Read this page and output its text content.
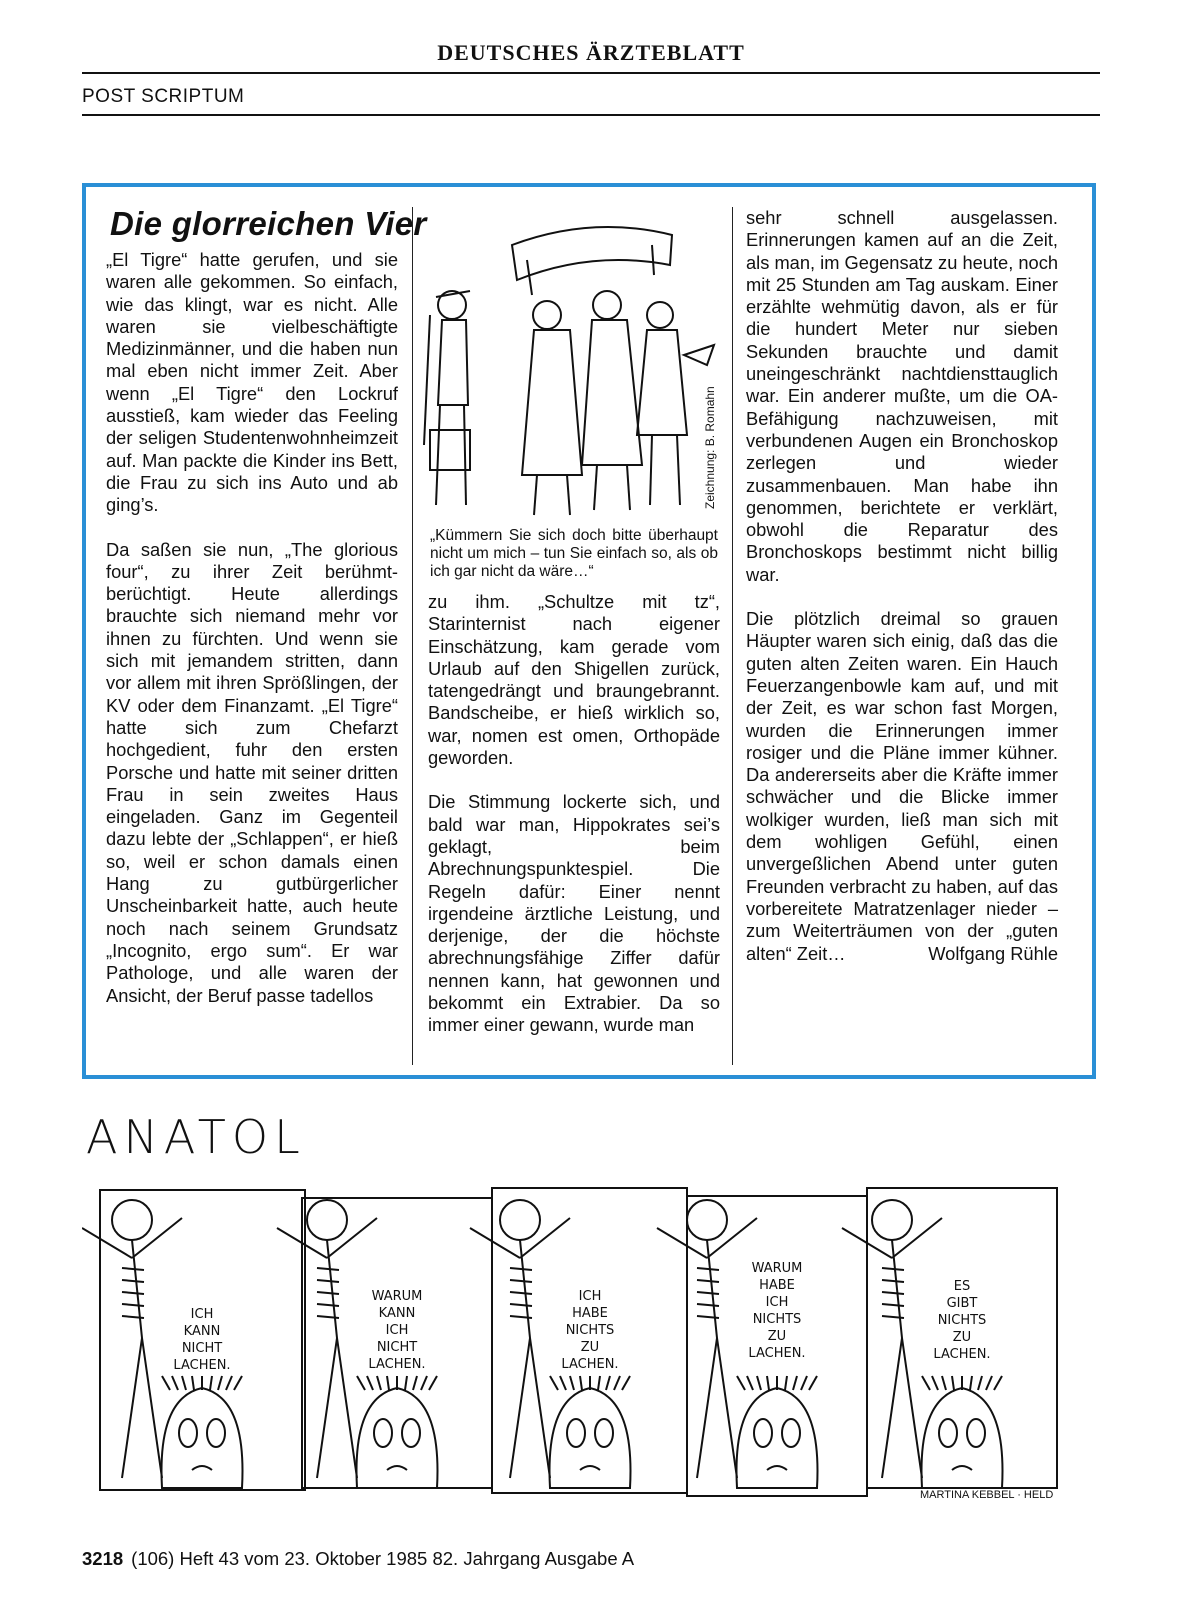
DEUTSCHES ÄRZTEBLATT
POST SCRIPTUM
Die glorreichen Vier

„El Tigre“ hatte gerufen, und sie waren alle gekommen. So einfach, wie das klingt, war es nicht. Alle waren sie vielbeschäftigte Medizinmänner, und die haben nun mal eben nicht immer Zeit. Aber wenn „El Tigre“ den Lockruf ausstieß, kam wieder das Feeling der seligen Studentenwohnheimzeit auf. Man packte die Kinder ins Bett, die Frau zu sich ins Auto und ab ging’s.

Da saßen sie nun, „The glorious four“, zu ihrer Zeit berühmt-berüchtigt. Heute allerdings brauchte sich niemand mehr vor ihnen zu fürchten. Und wenn sie sich mit jemandem stritten, dann vor allem mit ihren Sprößlingen, der KV oder dem Finanzamt. „El Tigre“ hatte sich zum Chefarzt hochgedient, fuhr den ersten Porsche und hatte mit seiner dritten Frau in sein zweites Haus eingeladen. Ganz im Gegenteil dazu lebte der „Schlappen“, er hieß so, weil er schon damals einen Hang zu gutbürgerlicher Unscheinbarkeit hatte, auch heute noch nach seinem Grundsatz „Incognito, ergo sum“. Er war Pathologe, und alle waren der Ansicht, der Beruf passe tadellos

Zeichnung: B. Romahn
„Kümmern Sie sich doch bitte überhaupt nicht um mich – tun Sie einfach so, als ob ich gar nicht da wäre…“

zu ihm. „Schultze mit tz“, Starinternist nach eigener Einschätzung, kam gerade vom Urlaub auf den Shigellen zurück, tatengedrängt und braungebrannt. Bandscheibe, er hieß wirklich so, war, nomen est omen, Orthopäde geworden.

Die Stimmung lockerte sich, und bald war man, Hippokrates sei’s geklagt, beim Abrechnungspunktespiel. Die Regeln dafür: Einer nennt irgendeine ärztliche Leistung, und derjenige, der die höchste abrechnungsfähige Ziffer dafür nennen kann, hat gewonnen und bekommt ein Extrabier. Da so immer einer gewann, wurde man

sehr schnell ausgelassen. Erinnerungen kamen auf an die Zeit, als man, im Gegensatz zu heute, noch mit 25 Stunden am Tag auskam. Einer erzählte wehmütig davon, als er für die hundert Meter nur sieben Sekunden brauchte und damit uneingeschränkt nachtdiensttauglich war. Ein anderer mußte, um die OA-Befähigung nachzuweisen, mit verbundenen Augen ein Bronchoskop zerlegen und wieder zusammenbauen. Man habe ihn genommen, berichtete er verklärt, obwohl die Reparatur des Bronchoskops bestimmt nicht billig war.

Die plötzlich dreimal so grauen Häupter waren sich einig, daß das die guten alten Zeiten waren. Ein Hauch Feuerzangenbowle kam auf, und mit der Zeit, es war schon fast Morgen, wurden die Erinnerungen immer rosiger und die Pläne immer kühner. Da andererseits aber die Kräfte immer schwächer und die Blicke immer wolkiger wurden, ließ man sich mit dem wohligen Gefühl, einen unvergeßlichen Abend unter guten Freunden verbracht zu haben, auf das vorbereitete Matratzenlager nieder – zum Weiterträumen von der „guten alten“ Zeit…	Wolfgang Rühle

ANATOL
MARTINA KEBBEL · HELD
ICH
KANN
NICHT
LACHEN.
WARUM
KANN
ICH
NICHT
LACHEN.
ICH
HABE
NICHTS
ZU
LACHEN.
WARUM
HABE
ICH
NICHTS
ZU
LACHEN.
ES
GIBT
NICHTS
ZU
LACHEN.
3218 (106) Heft 43 vom 23. Oktober 1985 82. Jahrgang Ausgabe A
